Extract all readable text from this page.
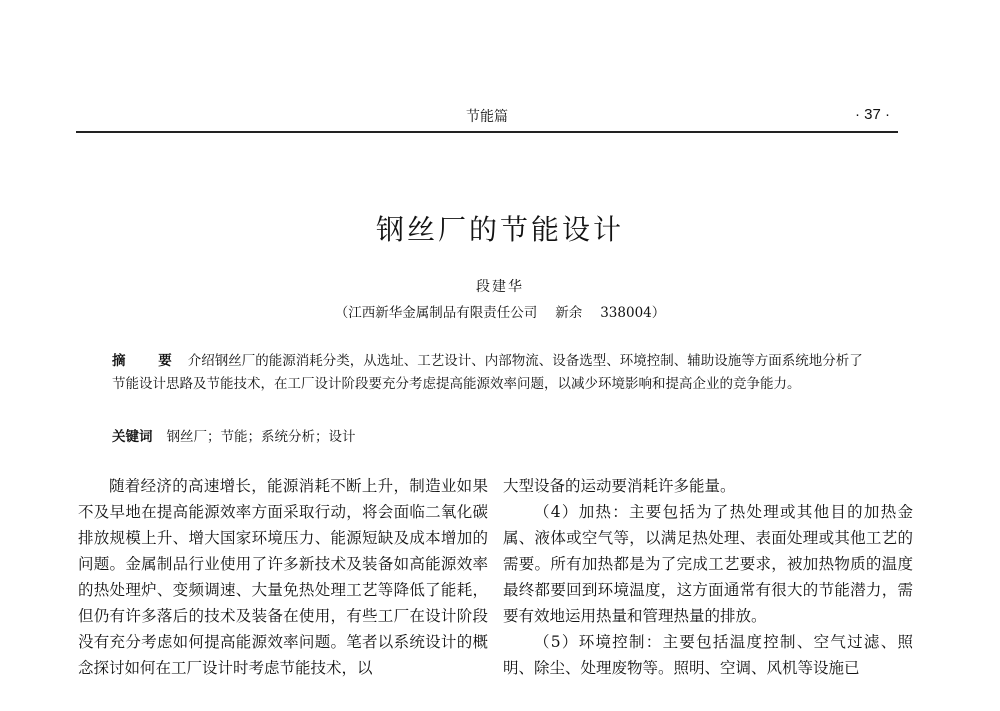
节能篇	· 37 ·
钢丝厂的节能设计
段建华
（江西新华金属制品有限责任公司 新余 338004）
摘 要 介绍钢丝厂的能源消耗分类，从选址、工艺设计、内部物流、设备选型、环境控制、辅助设施等方面系统地分析了节能设计思路及节能技术，在工厂设计阶段要充分考虑提高能源效率问题，以减少环境影响和提高企业的竞争能力。
关键词 钢丝厂；节能；系统分析；设计

随着经济的高速增长，能源消耗不断上升，制造业如果不及早地在提高能源效率方面采取行动，将会面临二氧化碳排放规模上升、增大国家环境压力、能源短缺及成本增加的问题。金属制品行业使用了许多新技术及装备如高能源效率的热处理炉、变频调速、大量免热处理工艺等降低了能耗，但仍有许多落后的技术及装备在使用，有些工厂在设计阶段没有充分考虑如何提高能源效率问题。笔者以系统设计的概念探讨如何在工厂设计时考虑节能技术，以

大型设备的运动要消耗许多能量。

（4）加热：主要包括为了热处理或其他目的加热金属、液体或空气等，以满足热处理、表面处理或其他工艺的需要。所有加热都是为了完成工艺要求，被加热物质的温度最终都要回到环境温度，这方面通常有很大的节能潜力，需要有效地运用热量和管理热量的排放。

（5）环境控制：主要包括温度控制、空气过滤、照明、除尘、处理废物等。照明、空调、风机等设施已
